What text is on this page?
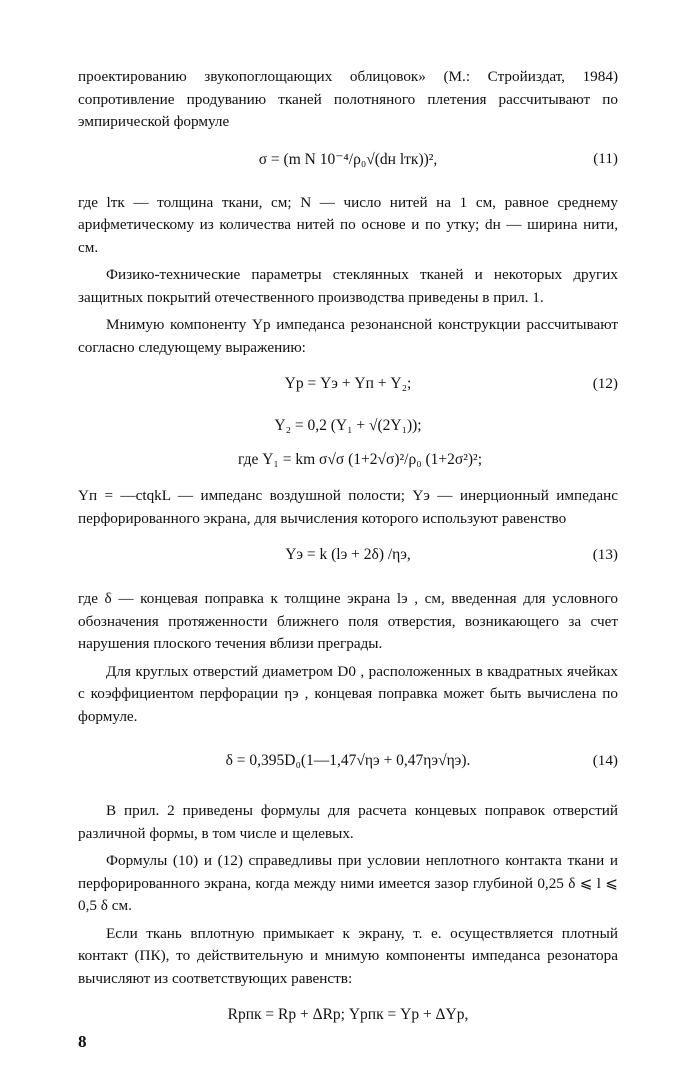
проектированию звукопоглощающих облицовок» (М.: Стройиздат, 1984) сопротивление продуванию тканей полотняного плетения рассчитывают по эмпирической формуле

σ = (m N 10⁻⁴/ρ₀√(dн lтк))²,	(11)

где lтк — толщина ткани, см; N — число нитей на 1 см, равное среднему арифметическому из количества нитей по основе и по утку; dн — ширина нити, см.

Физико-технические параметры стеклянных тканей и некоторых других защитных покрытий отечественного производства приведены в прил. 1.

Мнимую компоненту Yр импеданса резонансной конструкции рассчитывают согласно следующему выражению:

Yр = Yэ + Yп + Y₂;	(12)
Y₂ = 0,2 (Y₁ + √(2Y₁));
где Y₁ = km σ√σ (1+2√σ)²/ρ₀ (1+2σ²)²;

Yп = —ctqkL — импеданс воздушной полости; Yэ — инерционный импеданс перфорированного экрана, для вычисления которого используют равенство

Yэ = k (lэ + 2δ) /ηэ,	(13)

где δ — концевая поправка к толщине экрана lэ , см, введенная для условного обозначения протяженности ближнего поля отверстия, возникающего за счет нарушения плоского течения вблизи преграды.

Для круглых отверстий диаметром D0 , расположенных в квадратных ячейках с коэффициентом перфорации ηэ , концевая поправка может быть вычислена по формуле.

δ = 0,395D₀(1—1,47√ηэ + 0,47ηэ√ηэ).	(14)

В прил. 2 приведены формулы для расчета концевых поправок отверстий различной формы, в том числе и щелевых.

Формулы (10) и (12) справедливы при условии неплотного контакта ткани и перфорированного экрана, когда между ними имеется зазор глубиной 0,25 δ ⩽ l ⩽ 0,5 δ см.

Если ткань вплотную примыкает к экрану, т. е. осуществляется плотный контакт (ПК), то действительную и мнимую компоненты импеданса резонатора вычисляют из соответствующих равенств:

Rрпк = Rр + ΔRр; Yрпк = Yр + ΔYр,
8
